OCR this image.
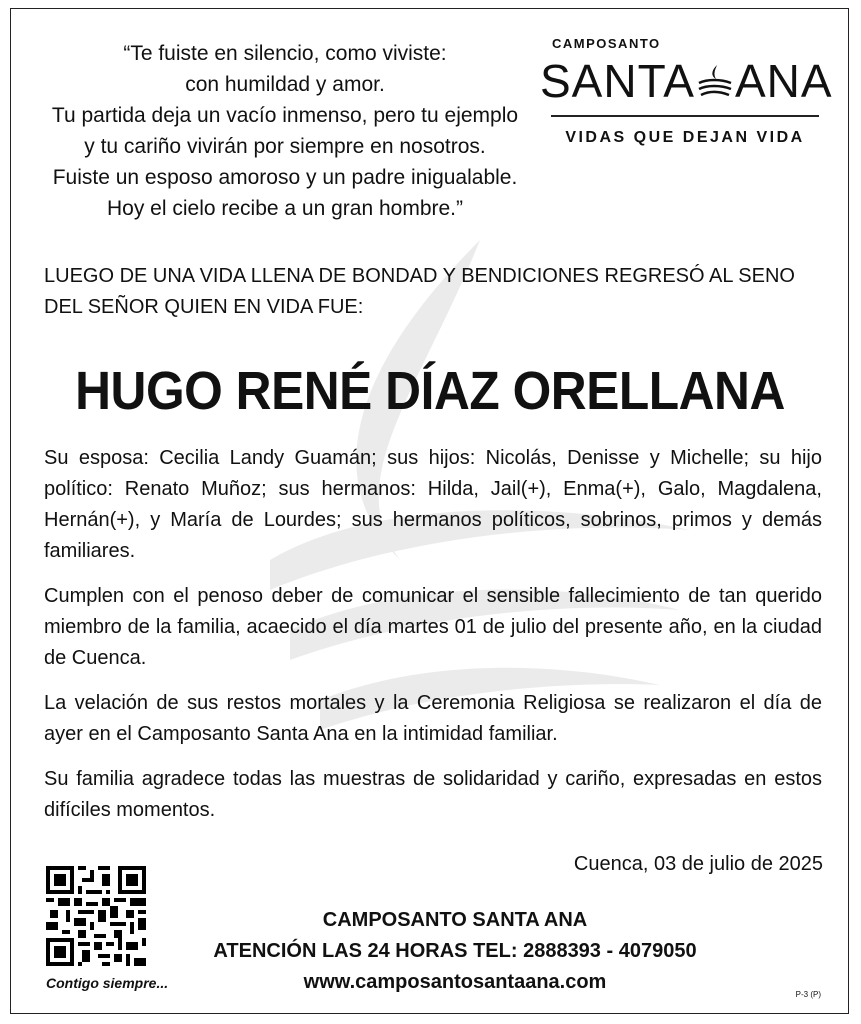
“Te fuiste en silencio, como viviste:

con humildad y amor.

Tu partida deja un vacío inmenso, pero tu ejemplo

y tu cariño vivirán por siempre en nosotros.

Fuiste un esposo amoroso y un padre inigualable.

Hoy el cielo recibe a un gran hombre.”

CAMPOSANTO
SANTA ANA
VIDAS QUE DEJAN VIDA
LUEGO DE UNA VIDA LLENA DE BONDAD Y BENDICIONES REGRESÓ AL SENO DEL SEÑOR QUIEN EN VIDA FUE:
HUGO RENÉ DÍAZ ORELLANA

Su esposa: Cecilia Landy Guamán; sus hijos: Nicolás, Denisse y Michelle; su hijo político: Renato Muñoz; sus hermanos: Hilda, Jail(+), Enma(+), Galo, Magdalena, Hernán(+), y María de Lourdes; sus hermanos políticos, sobrinos, primos y demás familiares.

Cumplen con el penoso deber de comunicar el sensible fallecimiento de tan querido miembro de la familia, acaecido el día martes 01 de julio del presente año, en la ciudad de Cuenca.

La velación de sus restos mortales y la Ceremonia Religiosa se realizaron el día de ayer en el Camposanto Santa Ana en la intimidad familiar.

Su familia agradece todas las muestras de solidaridad y cariño, expresadas en estos difíciles momentos.

Cuenca, 03 de julio de 2025
Contigo siempre...
CAMPOSANTO SANTA ANA
ATENCIÓN LAS 24 HORAS TEL: 2888393 - 4079050
www.camposantosantaana.com
P-3 (P)
